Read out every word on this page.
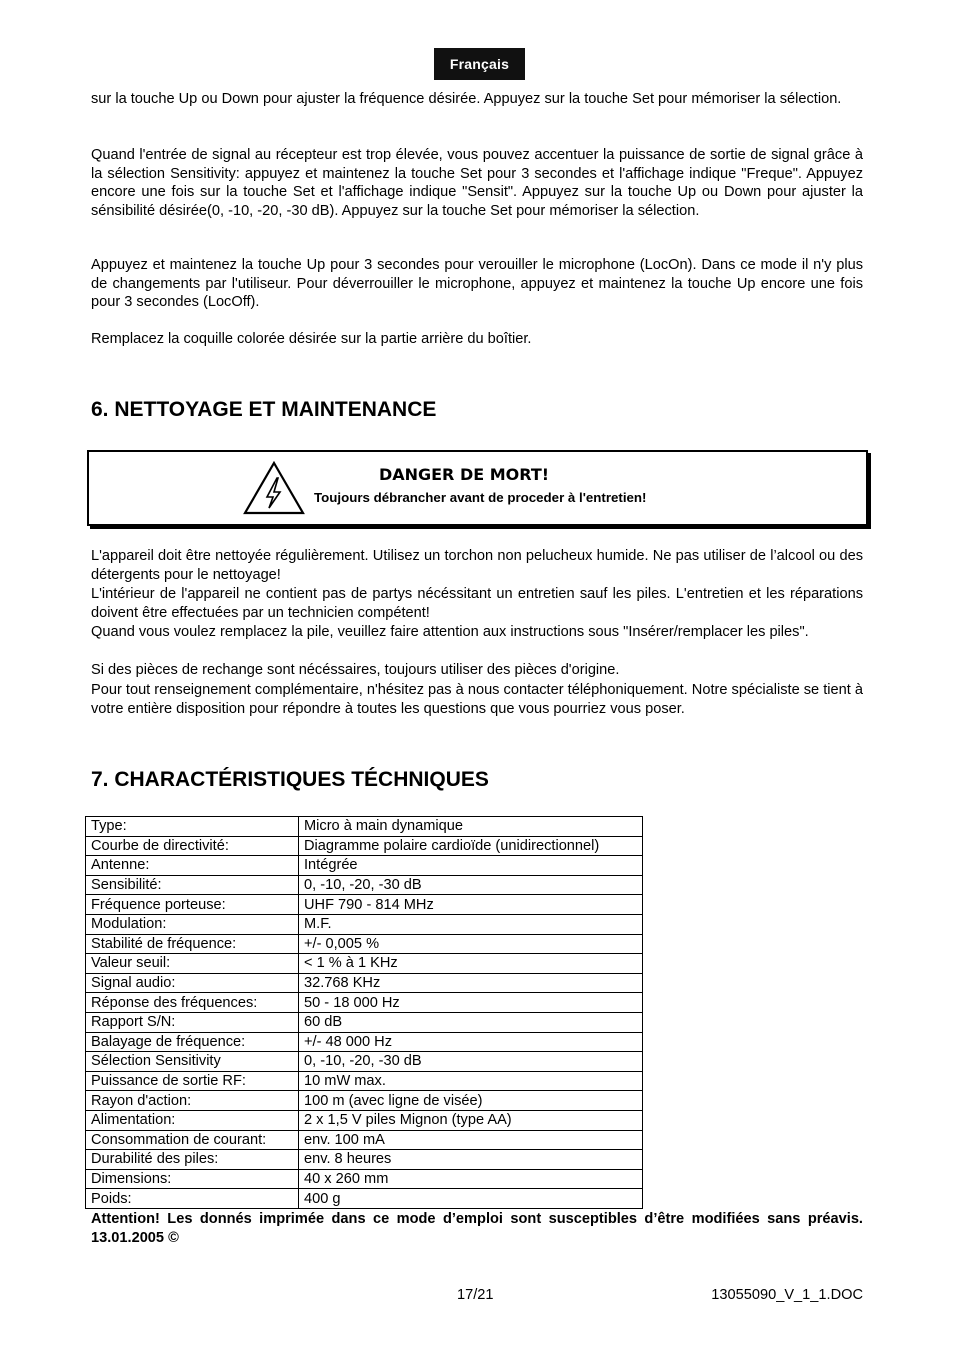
Français

sur la touche Up ou Down pour ajuster la fréquence désirée. Appuyez sur la touche Set pour mémoriser la sélection.

Quand l'entrée de signal au récepteur est trop élevée, vous pouvez accentuer la puissance de sortie de signal grâce à la sélection Sensitivity: appuyez et maintenez la touche Set pour 3 secondes et l'affichage indique "Freque". Appuyez encore une fois sur la touche Set et l'affichage indique "Sensit". Appuyez sur la touche Up ou Down pour ajuster la sénsibilité désirée(0, -10, -20, -30 dB). Appuyez sur la touche Set pour mémoriser la sélection.

Appuyez et maintenez la touche Up pour 3 secondes pour verouiller le microphone (LocOn). Dans ce mode il n'y plus de changements par l'utiliseur. Pour déverrouiller le microphone, appuyez et maintenez la touche Up encore une fois pour 3 secondes (LocOff).

Remplacez la coquille colorée désirée sur la partie arrière du boîtier.

6. NETTOYAGE ET MAINTENANCE
DANGER DE MORT!
Toujours débrancher avant de proceder à l'entretien!

L'appareil doit être nettoyée régulièrement. Utilisez un torchon non pelucheux humide. Ne pas utiliser de l’alcool ou des détergents pour le nettoyage!

L'intérieur de l'appareil ne contient pas de partys nécéssitant un entretien sauf les piles. L'entretien et les réparations doivent être effectuées par un technicien compétent!

Quand vous voulez remplacez la pile, veuillez faire attention aux instructions sous "Insérer/remplacer les piles".

Si des pièces de rechange sont nécéssaires, toujours utiliser des pièces d'origine.

Pour tout renseignement complémentaire, n'hésitez pas à nous contacter téléphoniquement. Notre spécialiste se tient à votre entière disposition pour répondre à toutes les questions que vous pourriez vous poser.

7. CHARACTÉRISTIQUES TÉCHNIQUES
Type:	Micro à main dynamique
Courbe de directivité:	Diagramme polaire cardioïde (unidirectionnel)
Antenne:	Intégrée
Sensibilité:	0, -10, -20, -30 dB
Fréquence porteuse:	UHF 790 - 814 MHz
Modulation:	M.F.
Stabilité de fréquence:	+/- 0,005 %
Valeur seuil:	< 1 % à 1 KHz
Signal audio:	32.768 KHz
Réponse des fréquences:	50 - 18 000 Hz
Rapport S/N:	60 dB
Balayage de fréquence:	+/- 48 000 Hz
Sélection Sensitivity	0, -10, -20, -30 dB
Puissance de sortie RF:	10 mW max.
Rayon d'action:	100 m (avec ligne de visée)
Alimentation:	2 x 1,5 V piles Mignon (type AA)
Consommation de courant:	env. 100 mA
Durabilité des piles:	env. 8 heures
Dimensions:	40 x 260 mm
Poids:	400 g

Attention! Les donnés imprimée dans ce mode d’emploi sont susceptibles d’être modifiées sans préavis. 13.01.2005 ©

17/21	13055090_V_1_1.DOC
